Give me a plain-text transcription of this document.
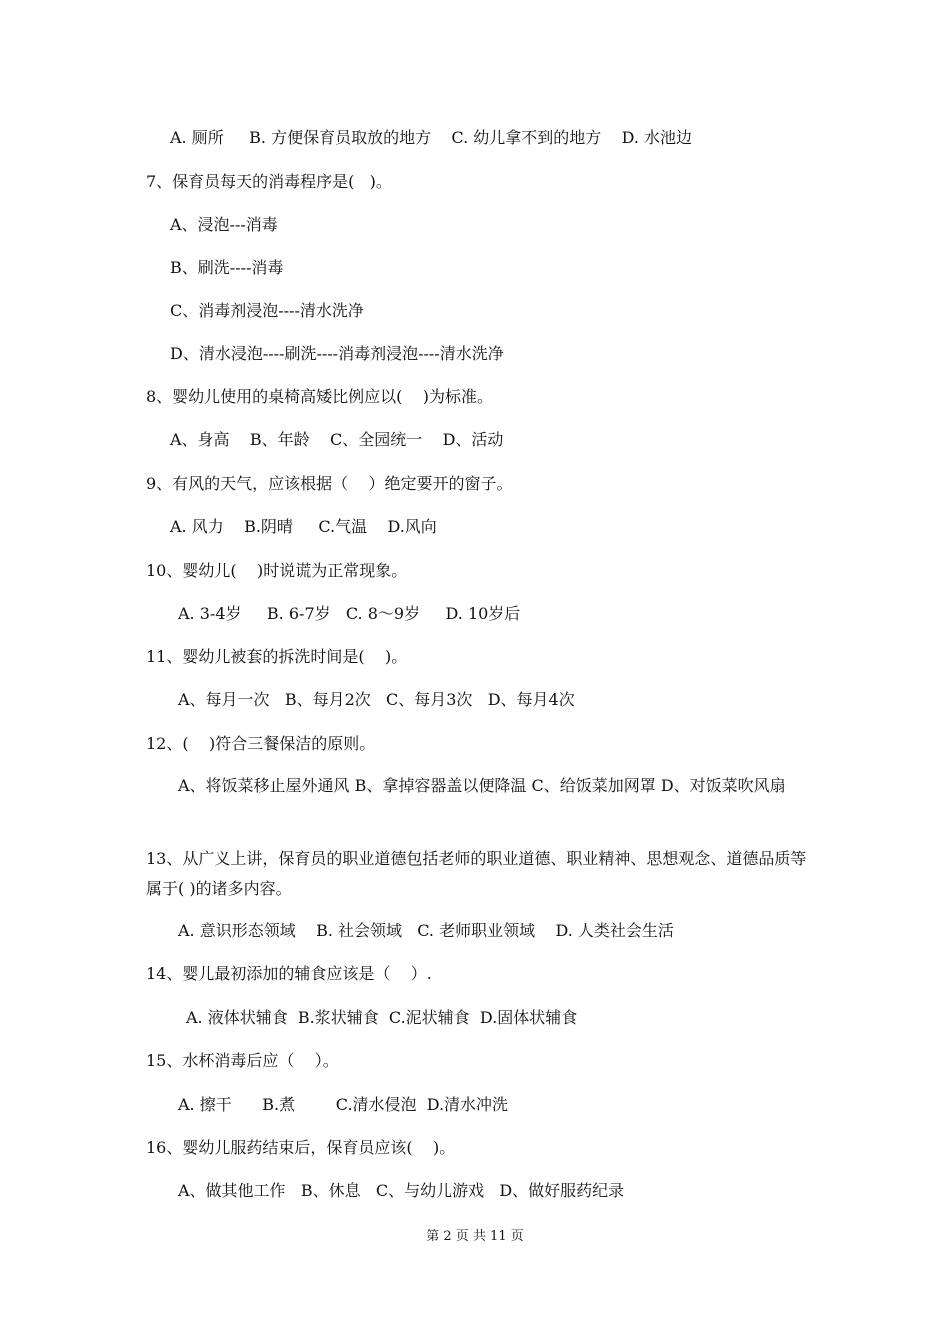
A. 厕所     B. 方便保育员取放的地方    C. 幼儿拿不到的地方    D. 水池边
7、保育员每天的消毒程序是(   )。
A、浸泡---消毒
B、刷洗----消毒
C、消毒剂浸泡----清水洗净
D、清水浸泡----刷洗----消毒剂浸泡----清水洗净
8、婴幼儿使用的桌椅高矮比例应以(    )为标准。
A、身高    B、年龄    C、全园统一    D、活动
9、有风的天气，应该根据（    ）绝定要开的窗子。
A. 风力    B.阴晴     C.气温    D.风向
10、婴幼儿(    )时说谎为正常现象。
A. 3-4岁     B. 6-7岁   C. 8～9岁     D. 10岁后
11、婴幼儿被套的拆洗时间是(    )。
A、每月一次   B、每月2次   C、每月3次   D、每月4次
12、(    )符合三餐保洁的原则。
A、将饭菜移止屋外通风 B、拿掉容器盖以便降温 C、给饭菜加网罩 D、对饭菜吹风扇
13、从广义上讲，保育员的职业道德包括老师的职业道德、职业精神、思想观念、道德品质等属于( )的诸多内容。
A. 意识形态领域    B. 社会领域   C. 老师职业领域    D. 人类社会生活
14、婴儿最初添加的辅食应该是（    ）.
A. 液体状辅食  B.浆状辅食  C.泥状辅食  D.固体状辅食
15、水杯消毒后应（    ）。
A. 擦干      B.煮        C.清水侵泡  D.清水冲洗
16、婴幼儿服药结束后，保育员应该(    )。
A、做其他工作   B、休息   C、与幼儿游戏   D、做好服药纪录
第 2 页 共 11 页
